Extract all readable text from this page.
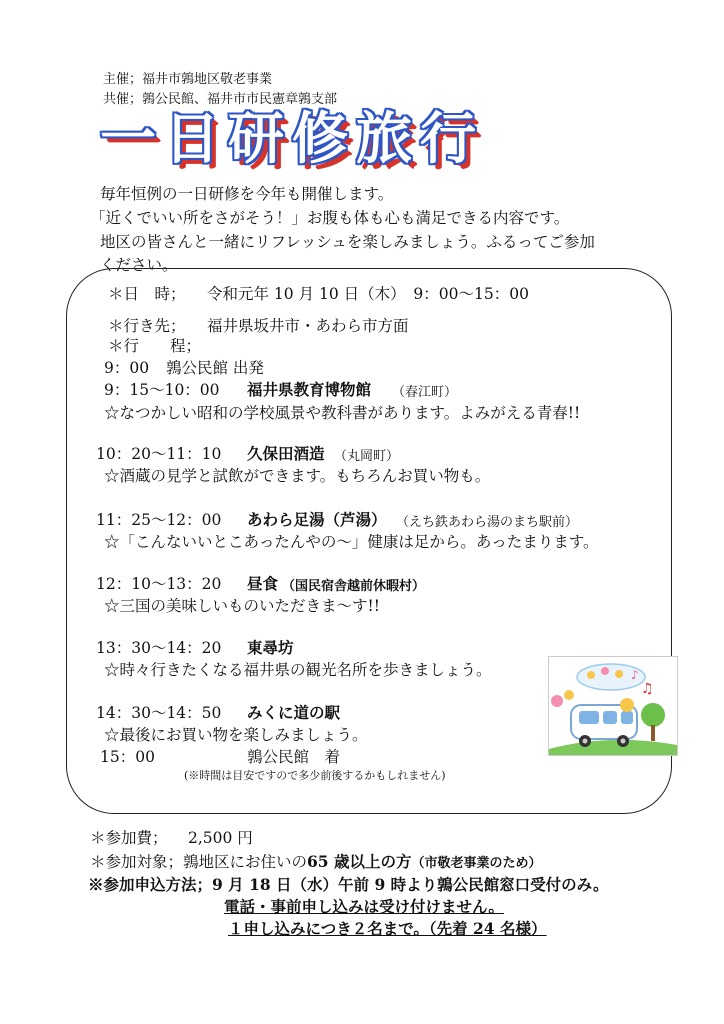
主催；福井市鶉地区敬老事業
共催；鶉公民館、福井市市民憲章鶉支部
一日研修旅行
毎年恒例の一日研修を今年も開催します。
「近くでいい所をさがそう！」お腹も体も心も満足できる内容です。
地区の皆さんと一緒にリフレッシュを楽しみましょう。ふるってご参加
ください。
＊日　時； 令和元年 10 月 10 日（木）　9：00〜15：00
＊行き先； 福井県坂井市・あわら市方面
＊行　　程；
9：00 鶉公民館 出発
9：15〜10：00 福井県教育博物館 （春江町）
☆なつかしい昭和の学校風景や教科書があります。よみがえる青春!!
10：20〜11：10 久保田酒造 （丸岡町）
☆酒蔵の見学と試飲ができます。もちろんお買い物も。
11：25〜12：00 あわら足湯（芦湯） （えち鉄あわら湯のまち駅前）
☆「こんないいとこあったんやの〜」健康は足から。あったまります。
12：10〜13：20 昼食 （国民宿舎越前休暇村）
☆三国の美味しいものいただきま〜す!!
13：30〜14：20 東尋坊
☆時々行きたくなる福井県の観光名所を歩きましょう。
14：30〜14：50 みくに道の駅
☆最後にお買い物を楽しみましょう。
15：00	鶉公民館　着
(※時間は目安ですので多少前後するかもしれません)
♪
♫
＊参加費； 2,500 円
＊参加対象；鶉地区にお住いの65 歳以上の方（市敬老事業のため）
※参加申込方法；9 月 18 日（水）午前 9 時より鶉公民館窓口受付のみ。
電話・事前申し込みは受け付けません。
１申し込みにつき２名まで。（先着 24 名様）
